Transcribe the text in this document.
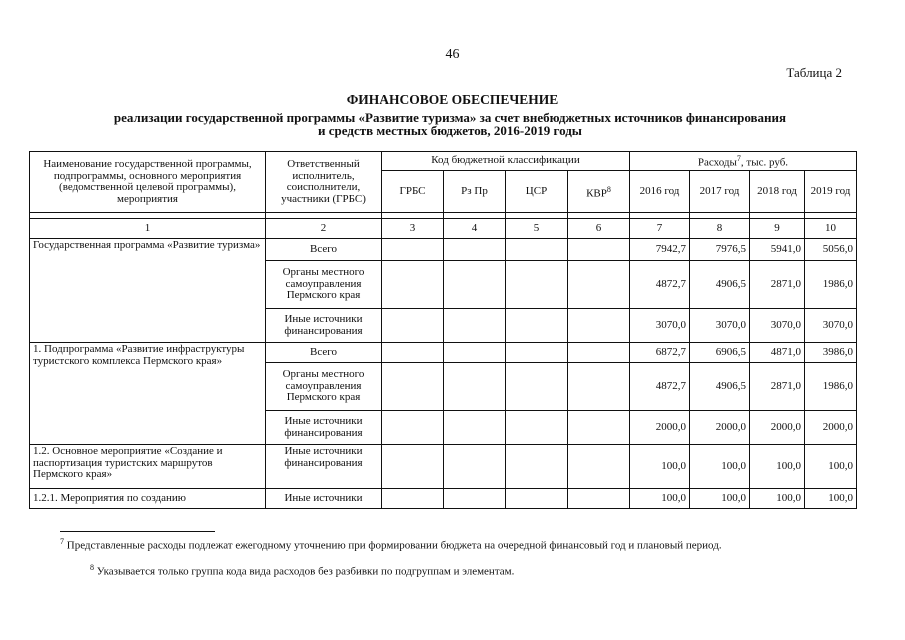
46
Таблица 2
ФИНАНСОВОЕ ОБЕСПЕЧЕНИЕ
реализации государственной программы «Развитие туризма» за счет внебюджетных источников финансирования и средств местных бюджетов, 2016-2019 годы
Наименование государственной программы, подпрограммы, основного мероприятия (ведомственной целевой программы), мероприятия	Ответственный исполнитель, соисполнители, участники (ГРБС)	Код бюджетной классификации				Расходы$^7$, тыс. руб.			
		ГРБС	Рз Пр	ЦСР	КВР$^8$	2016 год	2017 год	2018 год	2019 год

1	2	3	4	5	6	7	8	9	10
Государственная программа «Развитие туризма»	Всего					7942,7	7976,5	5941,0	5056,0
	Органы местного самоуправления Пермского края					4872,7	4906,5	2871,0	1986,0
	Иные источники финансирования					3070,0	3070,0	3070,0	3070,0
1. Подпрограмма «Развитие инфраструктуры туристского комплекса Пермского края»	Всего					6872,7	6906,5	4871,0	3986,0
	Органы местного самоуправления Пермского края					4872,7	4906,5	2871,0	1986,0
	Иные источники финансирования					2000,0	2000,0	2000,0	2000,0
1.2. Основное мероприятие «Создание и паспортизация туристских маршрутов Пермского края»	Иные источники финансирования					100,0	100,0	100,0	100,0
1.2.1. Мероприятия по созданию	Иные источники					100,0	100,0	100,0	100,0
$^7$ Представленные расходы подлежат ежегодному уточнению при формировании бюджета на очередной финансовый год и плановый период.
$^8$ Указывается только группа кода вида расходов без разбивки по подгруппам и элементам.
